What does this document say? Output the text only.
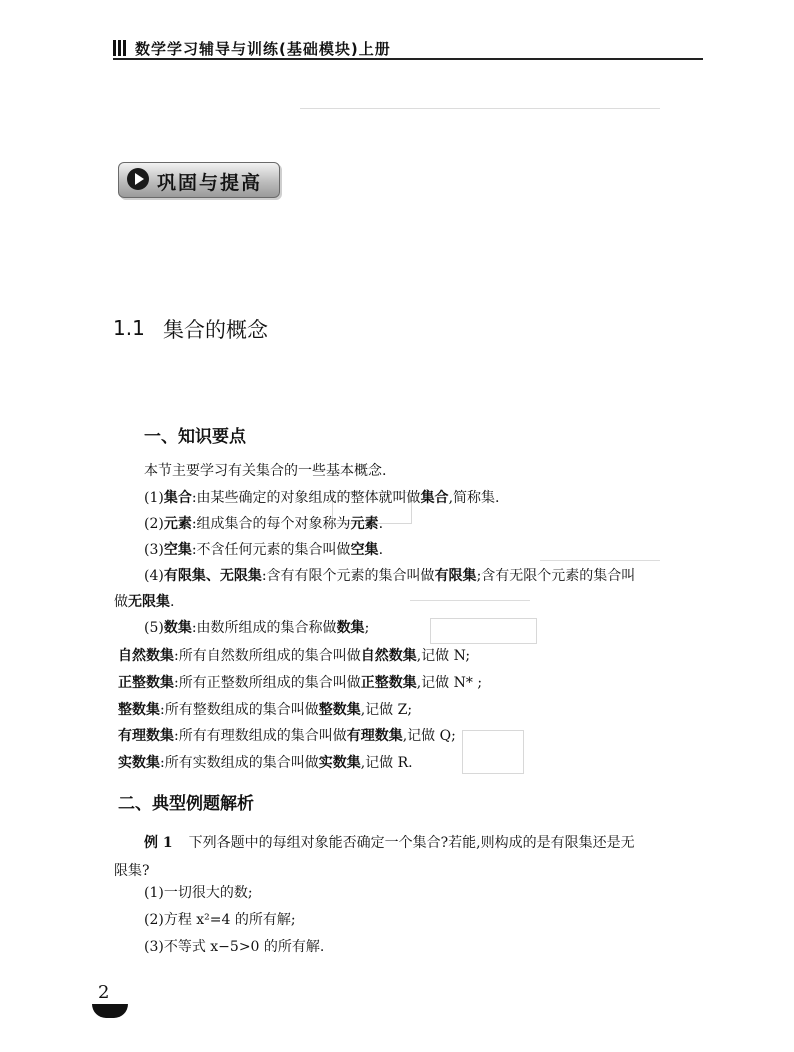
数学学习辅导与训练(基础模块)上册
巩固与提高
1.1 集合的概念
一、知识要点
本节主要学习有关集合的一些基本概念.
(1)集合:由某些确定的对象组成的整体就叫做集合,简称集.
(2)元素:组成集合的每个对象称为元素.
(3)空集:不含任何元素的集合叫做空集.
(4)有限集、无限集:含有有限个元素的集合叫做有限集;含有无限个元素的集合叫
做无限集.
(5)数集:由数所组成的集合称做数集;
自然数集:所有自然数所组成的集合叫做自然数集,记做 N;
正整数集:所有正整数所组成的集合叫做正整数集,记做 N* ;
整数集:所有整数组成的集合叫做整数集,记做 Z;
有理数集:所有有理数组成的集合叫做有理数集,记做 Q;
实数集:所有实数组成的集合叫做实数集,记做 R.
二、典型例题解析
例 1 下列各题中的每组对象能否确定一个集合?若能,则构成的是有限集还是无
限集?
(1)一切很大的数;
(2)方程 x²=4 的所有解;
(3)不等式 x−5>0 的所有解.
2
